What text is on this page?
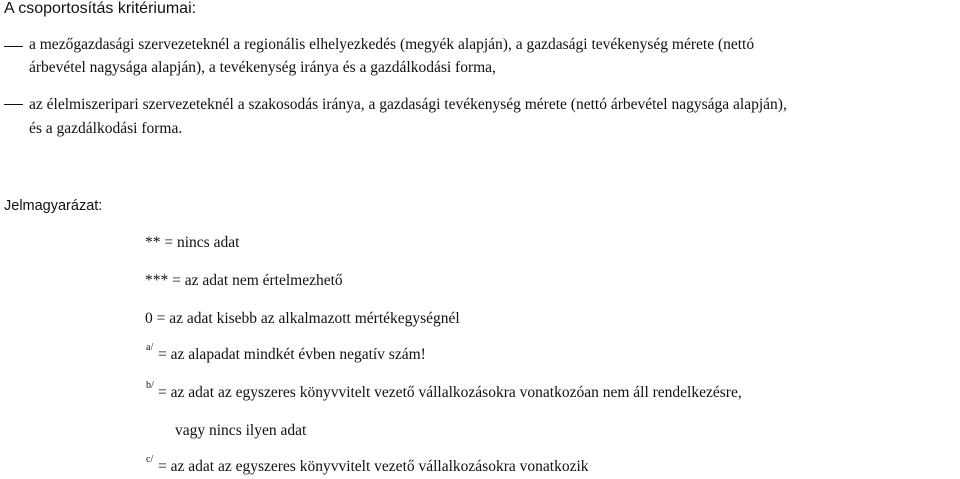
A csoportosítás kritériumai:
a mezőgazdasági szervezeteknél a regionális elhelyezkedés (megyék alapján), a gazdasági tevékenység mérete (nettó
árbevétel nagysága alapján), a tevékenység iránya és a gazdálkodási forma,
az élelmiszeripari szervezeteknél a szakosodás iránya, a gazdasági tevékenység mérete (nettó árbevétel nagysága alapján),
és a gazdálkodási forma.
Jelmagyarázat:
** = nincs adat
*** = az adat nem értelmezhető
0 = az adat kisebb az alkalmazott mértékegységnél
a/ = az alapadat mindkét évben negatív szám!
b/ = az adat az egyszeres könyvvitelt vezető vállalkozásokra vonatkozóan nem áll rendelkezésre,
vagy nincs ilyen adat
c/ = az adat az egyszeres könyvvitelt vezető vállalkozásokra vonatkozik
